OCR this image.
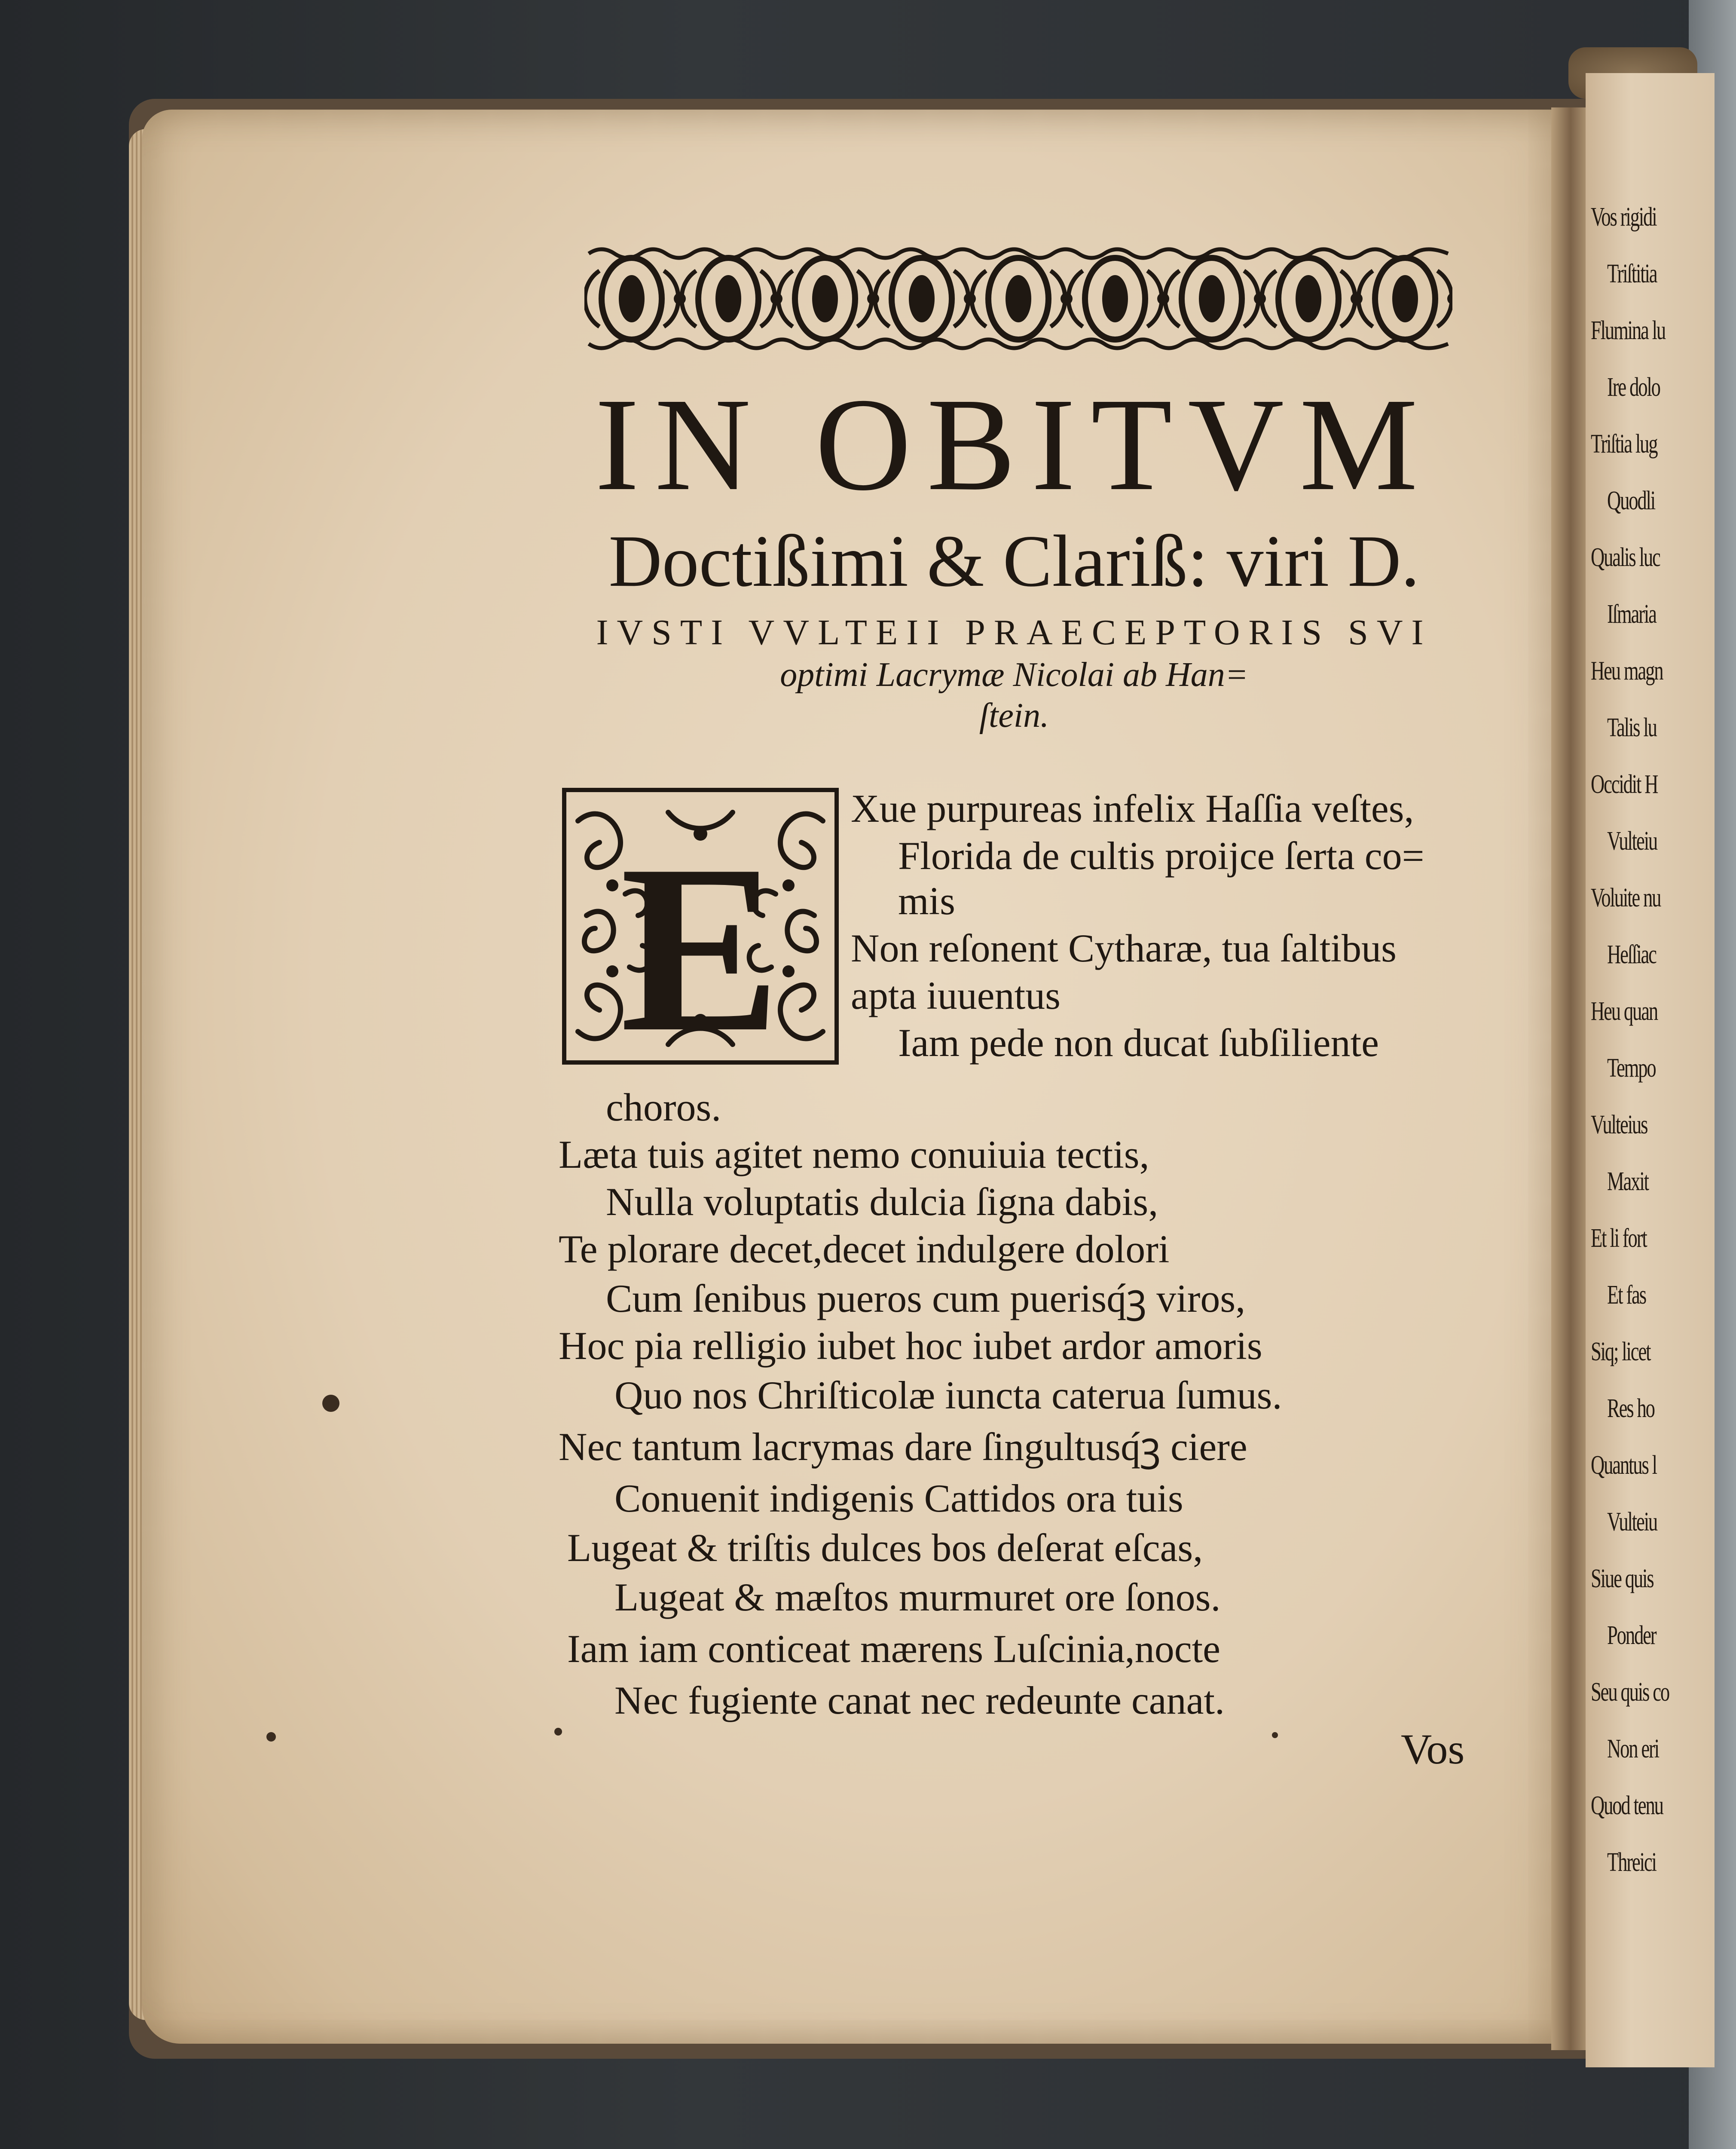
Vos rigidi
Triſtitia
Flumina lu
Ire dolo
Triſtia lug
Quodli
Qualis luc
Iſmaria
Heu magn
Talis lu
Occidit H
Vulteiu
Voluite nu
Heſſiac
Heu quan
Tempo
Vulteius
Maxit
Et li fort
Et fas
Siq; licet
Res ho
Quantus l
Vulteiu
Siue quis
Ponder
Seu quis co
Non eri
Quod tenu
Threici
IN OBITVM
Doctißimi & Clariß: viri D.
IVSTI VVLTEII PRAECEPTORIS SVI
optimi Lacrymæ Nicolai ab Han=
ſtein.
E
Xue purpureas infelix Haſſia veſtes,
Florida de cultis proijce ſerta co=
mis
Non reſonent Cytharæ, tua ſaltibus
apta iuuentus
Iam pede non ducat ſubſiliente
choros.
Læta tuis agitet nemo conuiuia tectis,
Nulla voluptatis dulcia ſigna dabis,
Te plorare decet,decet indulgere dolori
Cum ſenibus pueros cum puerisq́ꝫ viros,
Hoc pia relligio iubet hoc iubet ardor amoris
Quo nos Chriſticolæ iuncta caterua ſumus.
Nec tantum lacrymas dare ſingultusq́ꝫ ciere
Conuenit indigenis Cattidos ora tuis
Lugeat & triſtis dulces bos deſerat eſcas,
Lugeat & mæſtos murmuret ore ſonos.
Iam iam conticeat mærens Luſcinia,nocte
Nec fugiente canat nec redeunte canat.
Vos
